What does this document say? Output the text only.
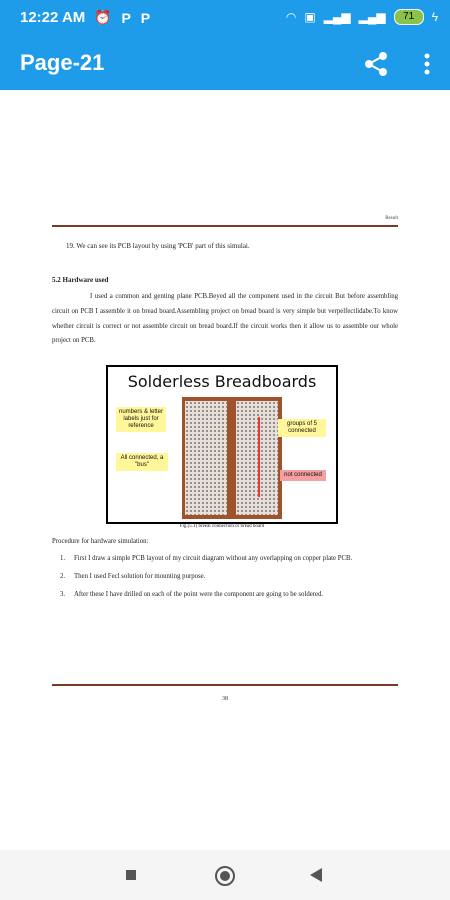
12:22 AM ⏰ P P	◠ ▣ ▂▄▆ ▂▄▆	71	ϟ
Page-21
Result
19. We can see its PCB layout by using 'PCB' part of this simulai.
5.2 Hardware used
I used a common and genting plane PCB.Beyed all the component used in the circuit But before assembling circuit on PCB I assemble it on bread board.Assembling project on bread board is very simple but verpelfectlidabe.To know whether circuit is correct or not assemble circuit on bread board.If the circuit works then it allow us to assemble our whole project on PCB.
Solderless Breadboards
numbers & letter labels just for reference
All connected, a "bus"
groups of 5 connected
not connected
Fig.(5.1) breeal connection or bread board
Procedure for hardware simulation:
1. First I draw a simple PCB layout of my circuit diagram without any overlapping on copper plate PCB.
2. Then I used Fecl solution for mounting purpose.
3. After these I have drilled on each of the point were the component are going to be soldered.
38
